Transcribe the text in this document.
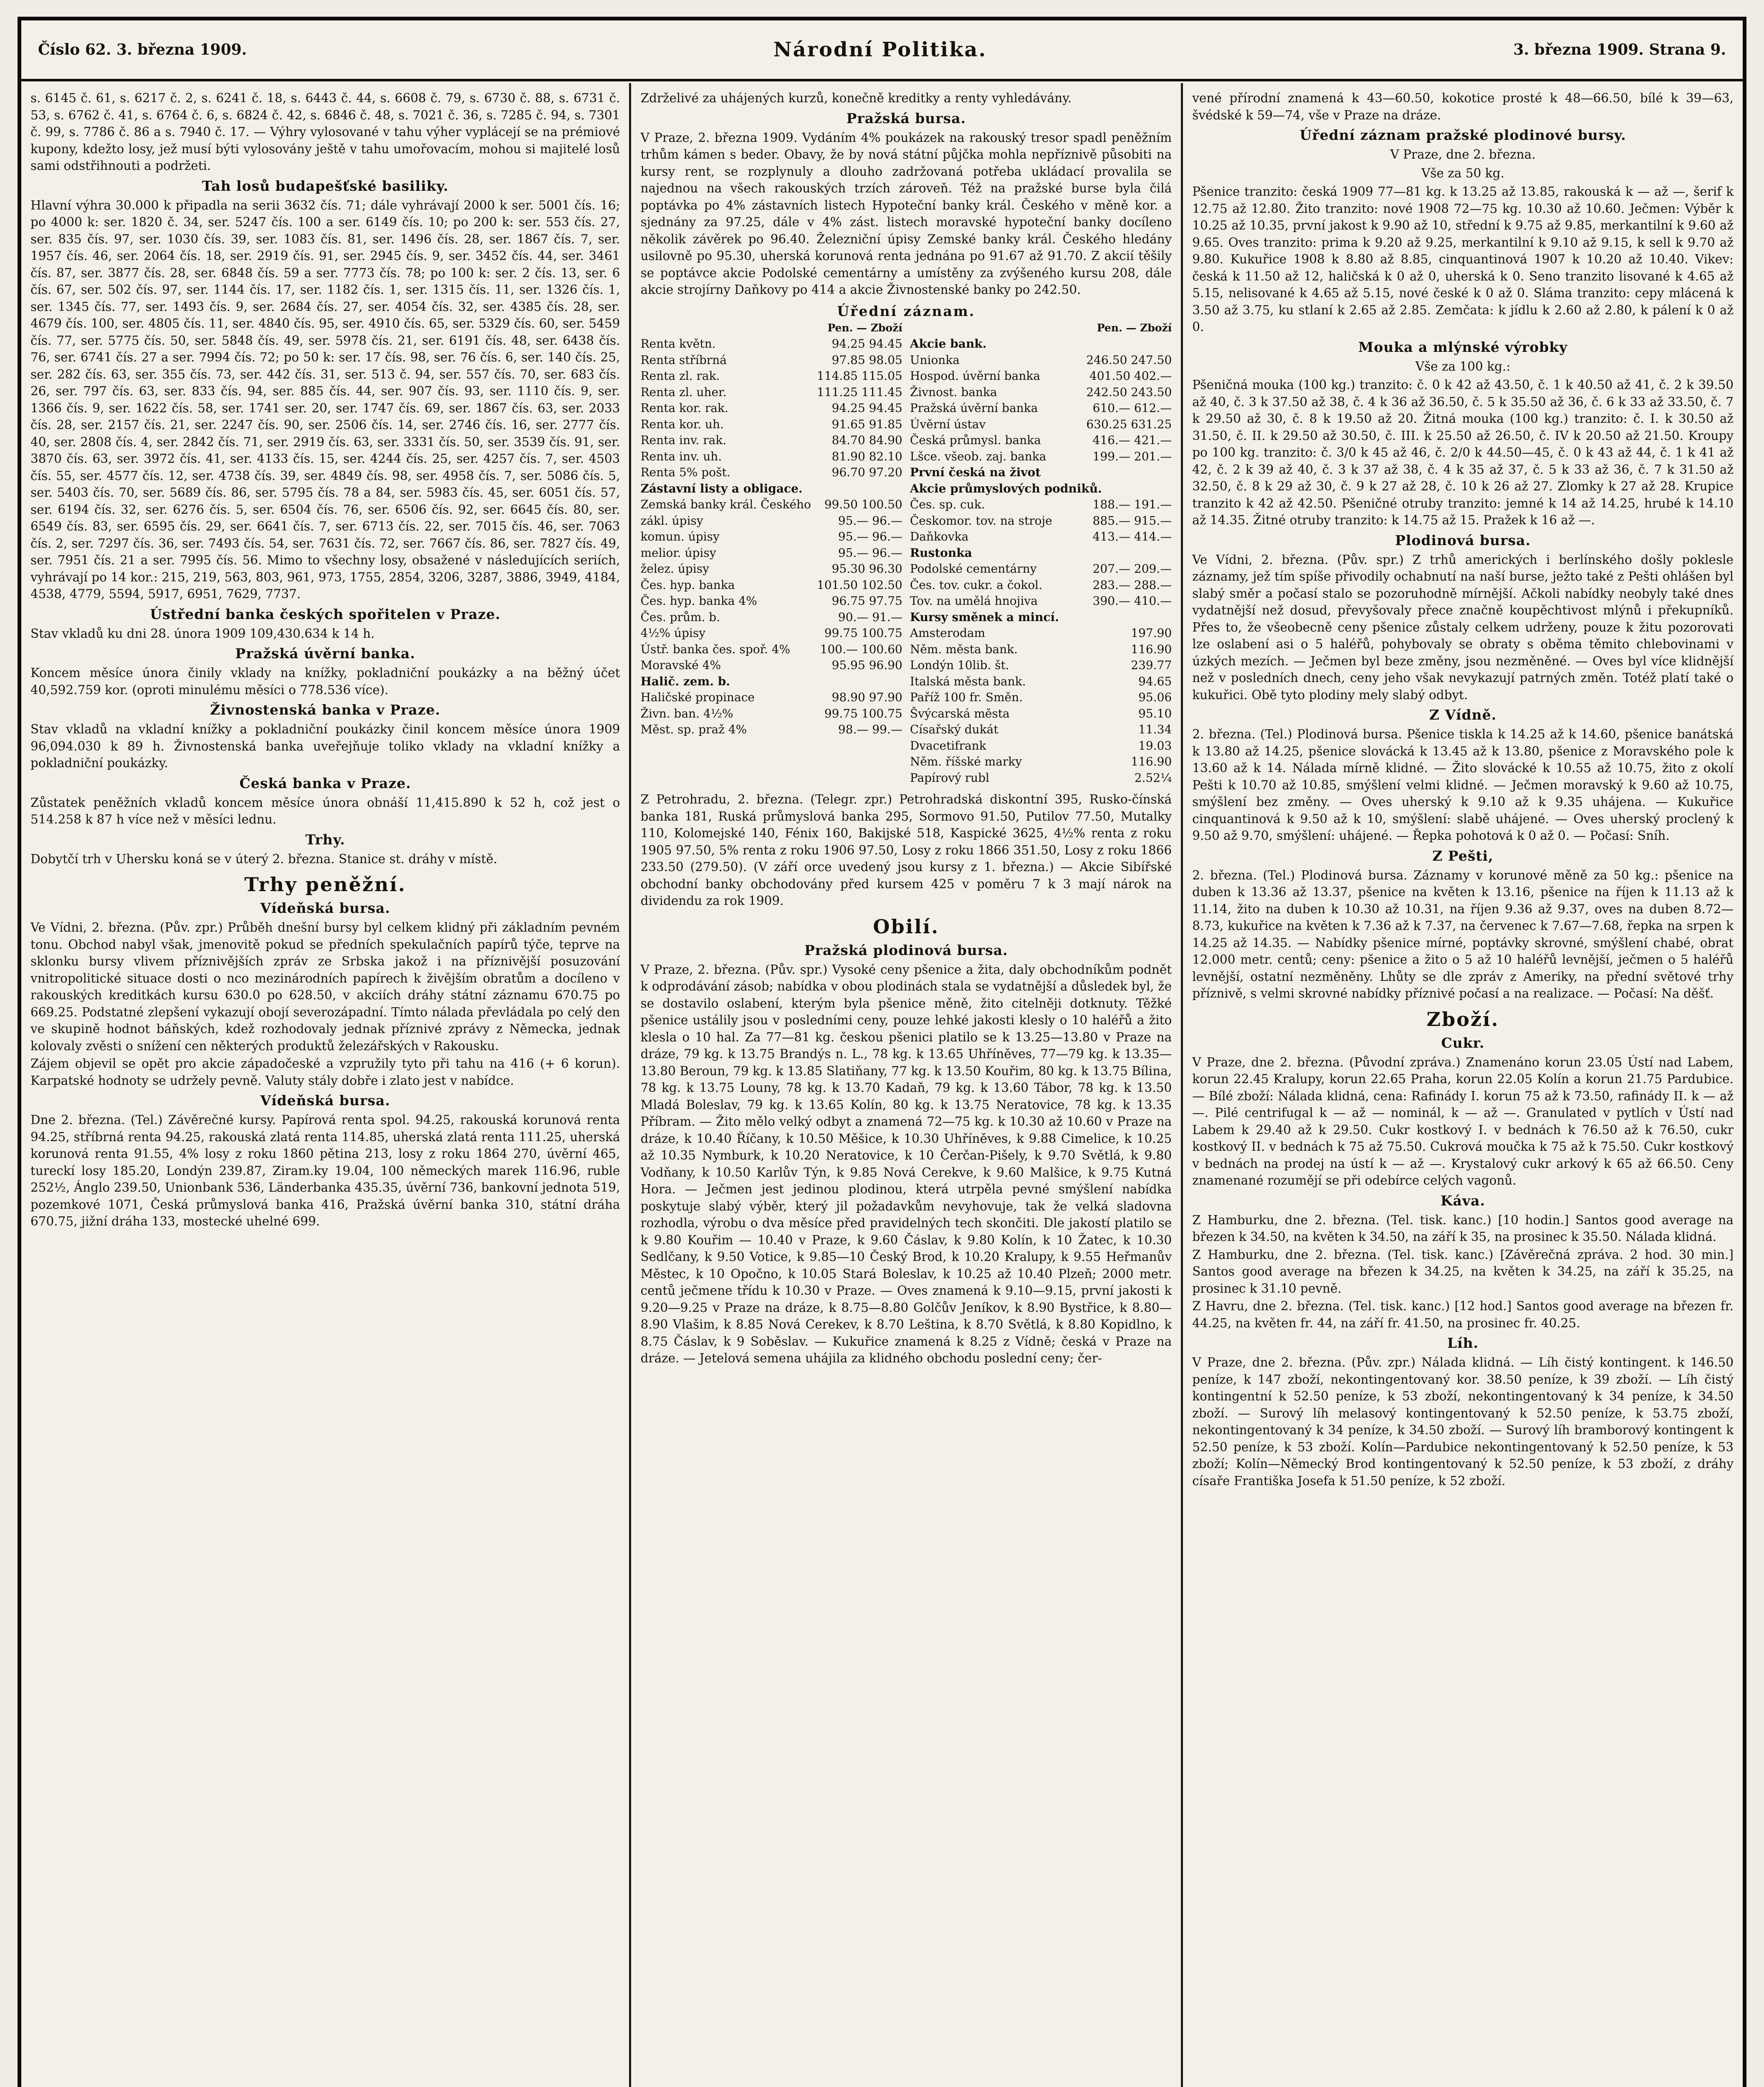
Číslo 62. 3. března 1909.	Národní Politika.	3. března 1909. Strana 9.

s. 6145 č. 61, s. 6217 č. 2, s. 6241 č. 18, s. 6443 č. 44, s. 6608 č. 79, s. 6730 č. 88, s. 6731 č. 53, s. 6762 č. 41, s. 6764 č. 6, s. 6824 č. 42, s. 6846 č. 48, s. 7021 č. 36, s. 7285 č. 94, s. 7301 č. 99, s. 7786 č. 86 a s. 7940 č. 17. — Výhry vylosované v tahu výher vyplácejí se na prémiové kupony, kdežto losy, jež musí býti vylosovány ještě v tahu umořovacím, mohou si majitelé losů sami odstřihnouti a podržeti.

Tah losů budapešťské basiliky.

Hlavní výhra 30.000 k připadla na serii 3632 čís. 71; dále vyhrávají 2000 k ser. 5001 čís. 16; po 4000 k: ser. 1820 č. 34, ser. 5247 čís. 100 a ser. 6149 čís. 10; po 200 k: ser. 553 čís. 27, ser. 835 čís. 97, ser. 1030 čís. 39, ser. 1083 čís. 81, ser. 1496 čís. 28, ser. 1867 čís. 7, ser. 1957 čís. 46, ser. 2064 čís. 18, ser. 2919 čís. 91, ser. 2945 čís. 9, ser. 3452 čís. 44, ser. 3461 čís. 87, ser. 3877 čís. 28, ser. 6848 čís. 59 a ser. 7773 čís. 78; po 100 k: ser. 2 čís. 13, ser. 6 čís. 67, ser. 502 čís. 97, ser. 1144 čís. 17, ser. 1182 čís. 1, ser. 1315 čís. 11, ser. 1326 čís. 1, ser. 1345 čís. 77, ser. 1493 čís. 9, ser. 2684 čís. 27, ser. 4054 čís. 32, ser. 4385 čís. 28, ser. 4679 čís. 100, ser. 4805 čís. 11, ser. 4840 čís. 95, ser. 4910 čís. 65, ser. 5329 čís. 60, ser. 5459 čís. 77, ser. 5775 čís. 50, ser. 5848 čís. 49, ser. 5978 čís. 21, ser. 6191 čís. 48, ser. 6438 čís. 76, ser. 6741 čís. 27 a ser. 7994 čís. 72; po 50 k: ser. 17 čís. 98, ser. 76 čís. 6, ser. 140 čís. 25, ser. 282 čís. 63, ser. 355 čís. 73, ser. 442 čís. 31, ser. 513 č. 94, ser. 557 čís. 70, ser. 683 čís. 26, ser. 797 čís. 63, ser. 833 čís. 94, ser. 885 čís. 44, ser. 907 čís. 93, ser. 1110 čís. 9, ser. 1366 čís. 9, ser. 1622 čís. 58, ser. 1741 ser. 20, ser. 1747 čís. 69, ser. 1867 čís. 63, ser. 2033 čís. 28, ser. 2157 čís. 21, ser. 2247 čís. 90, ser. 2506 čís. 14, ser. 2746 čís. 16, ser. 2777 čís. 40, ser. 2808 čís. 4, ser. 2842 čís. 71, ser. 2919 čís. 63, ser. 3331 čís. 50, ser. 3539 čís. 91, ser. 3870 čís. 63, ser. 3972 čís. 41, ser. 4133 čís. 15, ser. 4244 čís. 25, ser. 4257 čís. 7, ser. 4503 čís. 55, ser. 4577 čís. 12, ser. 4738 čís. 39, ser. 4849 čís. 98, ser. 4958 čís. 7, ser. 5086 čís. 5, ser. 5403 čís. 70, ser. 5689 čís. 86, ser. 5795 čís. 78 a 84, ser. 5983 čís. 45, ser. 6051 čís. 57, ser. 6194 čís. 32, ser. 6276 čís. 5, ser. 6504 čís. 76, ser. 6506 čís. 92, ser. 6645 čís. 80, ser. 6549 čís. 83, ser. 6595 čís. 29, ser. 6641 čís. 7, ser. 6713 čís. 22, ser. 7015 čís. 46, ser. 7063 čís. 2, ser. 7297 čís. 36, ser. 7493 čís. 54, ser. 7631 čís. 72, ser. 7667 čís. 86, ser. 7827 čís. 49, ser. 7951 čís. 21 a ser. 7995 čís. 56. Mimo to všechny losy, obsažené v následujících seriích, vyhrávají po 14 kor.: 215, 219, 563, 803, 961, 973, 1755, 2854, 3206, 3287, 3886, 3949, 4184, 4538, 4779, 5594, 5917, 6951, 7629, 7737.

Ústřední banka českých spořitelen v Praze.

Stav vkladů ku dni 28. února 1909 109,430.634 k 14 h.

Pražská úvěrní banka.

Koncem měsíce února činily vklady na knížky, pokladniční poukázky a na běžný účet 40,592.759 kor. (oproti minulému měsíci o 778.536 více).

Živnostenská banka v Praze.

Stav vkladů na vkladní knížky a pokladniční poukázky činil koncem měsíce února 1909 96,094.030 k 89 h. Živnostenská banka uveřejňuje toliko vklady na vkladní knížky a pokladniční poukázky.

Česká banka v Praze.

Zůstatek peněžních vkladů koncem měsíce února obnáší 11,415.890 k 52 h, což jest o 514.258 k 87 h více než v měsíci lednu.

Trhy.

Dobytčí trh v Uhersku koná se v úterý 2. března. Stanice st. dráhy v místě.

Trhy peněžní.
Vídeňská bursa.

Ve Vídni, 2. března. (Pův. zpr.) Průběh dnešní bursy byl celkem klidný při základním pevném tonu. Obchod nabyl však, jmenovitě pokud se předních spekulačních papírů týče, teprve na sklonku bursy vlivem příznivějších zpráv ze Srbska jakož i na příznivější posuzování vnitropolitické situace dosti o nco mezinárodních papírech k živějším obratům a docíleno v rakouských kreditkách kursu 630.0 po 628.50, v akciích dráhy státní záznamu 670.75 po 669.25. Podstatné zlepšení vykazují obojí severozápadní. Tímto nálada převládala po celý den ve skupině hodnot báňských, kdež rozhodovaly jednak příznivé zprávy z Německa, jednak kolovaly zvěsti o snížení cen některých produktů železářských v Rakousku.

Zájem objevil se opět pro akcie západočeské a vzpružily tyto při tahu na 416 (+ 6 korun). Karpatské hodnoty se udržely pevně. Valuty stály dobře i zlato jest v nabídce.

Vídeňská bursa.

Dne 2. března. (Tel.) Závěrečné kursy. Papírová renta spol. 94.25, rakouská korunová renta 94.25, stříbrná renta 94.25, rakouská zlatá renta 114.85, uherská zlatá renta 111.25, uherská korunová renta 91.55, 4% losy z roku 1860 pětina 213, losy z roku 1864 270, úvěrní 465, tureckí losy 185.20, Londýn 239.87, Ziram.ky 19.04, 100 německých marek 116.96, ruble 252½, Ánglo 239.50, Unionbank 536, Länderbanka 435.35, úvěrní 736, bankovní jednota 519, pozemkové 1071, Česká průmyslová banka 416, Pražská úvěrní banka 310, státní dráha 670.75, jižní dráha 133, mostecké uhelné 699.

Zdrželivé za uhájených kurzů, konečně kreditky a renty vyhledávány.

Pražská bursa.

V Praze, 2. března 1909. Vydáním 4% poukázek na rakouský tresor spadl peněžním trhům kámen s beder. Obavy, že by nová státní půjčka mohla nepříznivě působiti na kursy rent, se rozplynuly a dlouho zadržovaná potřeba ukládací provalila se najednou na všech rakouských trzích zároveň. Též na pražské burse byla čilá poptávka po 4% zástavních listech Hypoteční banky král. Českého v měně kor. a sjednány za 97.25, dále v 4% zást. listech moravské hypoteční banky docíleno několik závěrek po 96.40. Železniční úpisy Zemské banky král. Českého hledány usilovně po 95.30, uherská korunová renta jednána po 91.67 až 91.70. Z akcií těšily se poptávce akcie Podolské cementárny a umístěny za zvýšeného kursu 208, dále akcie strojírny Daňkovy po 414 a akcie Živnostenské banky po 242.50.

Úřední záznam.
Pen. — Zboží
Renta květn.	94.25 94.45
Renta stříbrná	97.85 98.05
Renta zl. rak.	114.85 115.05
Renta zl. uher.	111.25 111.45
Renta kor. rak.	94.25 94.45
Renta kor. uh.	91.65 91.85
Renta inv. rak.	84.70 84.90
Renta inv. uh.	81.90 82.10
Renta 5% pošt.	96.70 97.20
Zástavní listy a obligace.
Zemská banky král. Českého 99.50 100.50
zákl. úpisy	95.— 96.—
komun. úpisy	95.— 96.—
melior. úpisy	95.— 96.—
želez. úpisy	95.30 96.30
Čes. hyp. banka	101.50 102.50
Čes. hyp. banka 4%	96.75 97.75
Čes. prům. b.	90.— 91.—
4½% úpisy	99.75 100.75
Ústř. banka čes. spoř. 4%	100.— 100.60
Moravské 4%	95.95 96.90
Halič. zem. b.
Haličské propinace	98.90 97.90
Živn. ban. 4½%	99.75 100.75
Měst. sp. praž 4%	98.— 99.—
Pen. — Zboží
Akcie bank.
Unionka	246.50 247.50
Hospod. úvěrní banka	401.50 402.—
Živnost. banka	242.50 243.50
Pražská úvěrní banka	610.— 612.—
Úvěrní ústav	630.25 631.25
Česká průmysl. banka	416.— 421.—
Lšce. všeob. zaj. banka	199.— 201.—
První česká na život
Akcie průmyslových podniků.
Čes. sp. cuk.	188.— 191.—
Českomor. tov. na stroje	885.— 915.—
Daňkovka	413.— 414.—
Rustonka
Podolské cementárny	207.— 209.—
Čes. tov. cukr. a čokol.	283.— 288.—
Tov. na umělá hnojiva	390.— 410.—
Kursy směnek a mincí.
Amsterodam	197.90
Něm. města bank.	116.90
Londýn 10lib. št.	239.77
Italská města bank.	94.65
Paříž 100 fr. Směn.	95.06
Švýcarská města	95.10
Císařský dukát	11.34
Dvacetifrank	19.03
Něm. říšské marky	116.90
Papírový rubl	2.52¼

Z Petrohradu, 2. března. (Telegr. zpr.) Petrohradská diskontní 395, Rusko-čínská banka 181, Ruská průmyslová banka 295, Sormovo 91.50, Putilov 77.50, Mutalky 110, Kolomejské 140, Fénix 160, Bakijské 518, Kaspické 3625, 4½% renta z roku 1905 97.50, 5% renta z roku 1906 97.50, Losy z roku 1866 351.50, Losy z roku 1866 233.50 (279.50). (V září orce uvedený jsou kursy z 1. března.) — Akcie Sibířské obchodní banky obchodovány před kursem 425 v poměru 7 k 3 mají nárok na dividendu za rok 1909.

Obilí.
Pražská plodinová bursa.

V Praze, 2. března. (Pův. spr.) Vysoké ceny pšenice a žita, daly obchodníkům podnět k odprodávání zásob; nabídka v obou plodinách stala se vydatnější a důsledek byl, že se dostavilo oslabení, kterým byla pšenice měně, žito citelněji dotknuty. Těžké pšenice ustálily jsou v posledními ceny, pouze lehké jakosti klesly o 10 haléřů a žito klesla o 10 hal. Za 77—81 kg. českou pšenici platilo se k 13.25—13.80 v Praze na dráze, 79 kg. k 13.75 Brandýs n. L., 78 kg. k 13.65 Uhříněves, 77—79 kg. k 13.35—13.80 Beroun, 79 kg. k 13.85 Slatiňany, 77 kg. k 13.50 Kouřim, 80 kg. k 13.75 Bílina, 78 kg. k 13.75 Louny, 78 kg. k 13.70 Kadaň, 79 kg. k 13.60 Tábor, 78 kg. k 13.50 Mladá Boleslav, 79 kg. k 13.65 Kolín, 80 kg. k 13.75 Neratovice, 78 kg. k 13.35 Příbram. — Žito mělo velký odbyt a znamená 72—75 kg. k 10.30 až 10.60 v Praze na dráze, k 10.40 Říčany, k 10.50 Měšice, k 10.30 Uhříněves, k 9.88 Cimelice, k 10.25 až 10.35 Nymburk, k 10.20 Neratovice, k 10 Čerčan-Pišely, k 9.70 Světlá, k 9.80 Vodňany, k 10.50 Karlův Týn, k 9.85 Nová Cerekve, k 9.60 Malšice, k 9.75 Kutná Hora. — Ječmen jest jedinou plodinou, která utrpěla pevné smýšlení nabídka poskytuje slabý výběr, který jil požadavkům nevyhovuje, tak že velká sladovna rozhodla, výrobu o dva měsíce před pravidelných tech skončiti. Dle jakostí platilo se k 9.80 Kouřim — 10.40 v Praze, k 9.60 Čáslav, k 9.80 Kolín, k 10 Žatec, k 10.30 Sedlčany, k 9.50 Votice, k 9.85—10 Český Brod, k 10.20 Kralupy, k 9.55 Heřmanův Městec, k 10 Opočno, k 10.05 Stará Boleslav, k 10.25 až 10.40 Plzeň; 2000 metr. centů ječmene třídu k 10.30 v Praze. — Oves znamená k 9.10—9.15, první jakosti k 9.20—9.25 v Praze na dráze, k 8.75—8.80 Golčův Jeníkov, k 8.90 Bystřice, k 8.80—8.90 Vlašim, k 8.85 Nová Cerekev, k 8.70 Leština, k 8.70 Světlá, k 8.80 Kopidlno, k 8.75 Čáslav, k 9 Soběslav. — Kukuřice znamená k 8.25 z Vídně; česká v Praze na dráze. — Jetelová semena uhájila za klidného obchodu poslední ceny; čer-

vené přírodní znamená k 43—60.50, kokotice prosté k 48—66.50, bílé k 39—63, švédské k 59—74, vše v Praze na dráze.

Úřední záznam pražské plodinové bursy.
V Praze, dne 2. března.
Vše za 50 kg.

Pšenice tranzito: česká 1909 77—81 kg. k 13.25 až 13.85, rakouská k — až —, šerif k 12.75 až 12.80. Žito tranzito: nové 1908 72—75 kg. 10.30 až 10.60. Ječmen: Výběr k 10.25 až 10.35, první jakost k 9.90 až 10, střední k 9.75 až 9.85, merkantilní k 9.60 až 9.65. Oves tranzito: prima k 9.20 až 9.25, merkantilní k 9.10 až 9.15, k sell k 9.70 až 9.80. Kukuřice 1908 k 8.80 až 8.85, cinquantinová 1907 k 10.20 až 10.40. Vikev: česká k 11.50 až 12, haličská k 0 až 0, uherská k 0. Seno tranzito lisované k 4.65 až 5.15, nelisované k 4.65 až 5.15, nové české k 0 až 0. Sláma tranzito: cepy mlácená k 3.50 až 3.75, ku stlaní k 2.65 až 2.85. Zemčata: k jídlu k 2.60 až 2.80, k pálení k 0 až 0.

Mouka a mlýnské výrobky
Vše za 100 kg.:

Pšeničná mouka (100 kg.) tranzito: č. 0 k 42 až 43.50, č. 1 k 40.50 až 41, č. 2 k 39.50 až 40, č. 3 k 37.50 až 38, č. 4 k 36 až 36.50, č. 5 k 35.50 až 36, č. 6 k 33 až 33.50, č. 7 k 29.50 až 30, č. 8 k 19.50 až 20. Žitná mouka (100 kg.) tranzito: č. I. k 30.50 až 31.50, č. II. k 29.50 až 30.50, č. III. k 25.50 až 26.50, č. IV k 20.50 až 21.50. Kroupy po 100 kg. tranzito: č. 3/0 k 45 až 46, č. 2/0 k 44.50—45, č. 0 k 43 až 44, č. 1 k 41 až 42, č. 2 k 39 až 40, č. 3 k 37 až 38, č. 4 k 35 až 37, č. 5 k 33 až 36, č. 7 k 31.50 až 32.50, č. 8 k 29 až 30, č. 9 k 27 až 28, č. 10 k 26 až 27. Zlomky k 27 až 28. Krupice tranzito k 42 až 42.50. Pšeničné otruby tranzito: jemné k 14 až 14.25, hrubé k 14.10 až 14.35. Žitné otruby tranzito: k 14.75 až 15. Pražek k 16 až —.

Plodinová bursa.

Ve Vídni, 2. března. (Pův. spr.) Z trhů amerických i berlínského došly poklesle záznamy, jež tím spíše přivodily ochabnutí na naší burse, ježto také z Pešti ohlášen byl slabý směr a počasí stalo se pozoruhodně mírnější. Ačkoli nabídky neobyly také dnes vydatnější než dosud, převyšovaly přece značně koupěchtivost mlýnů i překupníků. Přes to, že všeobecně ceny pšenice zůstaly celkem udrženy, pouze k žitu pozorovati lze oslabení asi o 5 haléřů, pohybovaly se obraty s oběma těmito chlebovinami v úzkých mezích. — Ječmen byl beze změny, jsou nezměněné. — Oves byl více klidnější než v posledních dnech, ceny jeho však nevykazují patrných změn. Totéž platí také o kukuřici. Obě tyto plodiny mely slabý odbyt.

Z Vídně.

2. března. (Tel.) Plodinová bursa. Pšenice tiskla k 14.25 až k 14.60, pšenice banátská k 13.80 až 14.25, pšenice slovácká k 13.45 až k 13.80, pšenice z Moravského pole k 13.60 až k 14. Nálada mírně klidné. — Žito slovácké k 10.55 až 10.75, žito z okolí Pešti k 10.70 až 10.85, smýšlení velmi klidné. — Ječmen moravský k 9.60 až 10.75, smýšlení bez změny. — Oves uherský k 9.10 až k 9.35 uhájena. — Kukuřice cinquantinová k 9.50 až k 10, smýšlení: slabě uhájené. — Oves uherský proclený k 9.50 až 9.70, smýšlení: uhájené. — Řepka pohotová k 0 až 0. — Počasí: Sníh.

Z Pešti,

2. března. (Tel.) Plodinová bursa. Záznamy v korunové měně za 50 kg.: pšenice na duben k 13.36 až 13.37, pšenice na květen k 13.16, pšenice na říjen k 11.13 až k 11.14, žito na duben k 10.30 až 10.31, na říjen 9.36 až 9.37, oves na duben 8.72—8.73, kukuřice na květen k 7.36 až k 7.37, na červenec k 7.67—7.68, řepka na srpen k 14.25 až 14.35. — Nabídky pšenice mírné, poptávky skrovné, smýšlení chabé, obrat 12.000 metr. centů; ceny: pšenice a žito o 5 až 10 haléřů levnější, ječmen o 5 haléřů levnější, ostatní nezměněny. Lhůty se dle zpráv z Ameriky, na přední světové trhy příznivě, s velmi skrovné nabídky příznivé počasí a na realizace. — Počasí: Na děšť.

Zboží.
Cukr.

V Praze, dne 2. března. (Původní zpráva.) Znamenáno korun 23.05 Ústí nad Labem, korun 22.45 Kralupy, korun 22.65 Praha, korun 22.05 Kolín a korun 21.75 Pardubice. — Bílé zboží: Nálada klidná, cena: Rafinády I. korun 75 až k 73.50, rafinády II. k — až —. Pilé centrifugal k — až — nominál, k — až —. Granulated v pytlích v Ústí nad Labem k 29.40 až k 29.50. Cukr kostkový I. v bednách k 76.50 až k 76.50, cukr kostkový II. v bednách k 75 až 75.50. Cukrová moučka k 75 až k 75.50. Cukr kostkový v bednách na prodej na ústí k — až —. Krystalový cukr arkový k 65 až 66.50. Ceny znamenané rozumějí se při odebírce celých vagonů.

Káva.

Z Hamburku, dne 2. března. (Tel. tisk. kanc.) [10 hodin.] Santos good average na březen k 34.50, na květen k 34.50, na září k 35, na prosinec k 35.50. Nálada klidná.

Z Hamburku, dne 2. března. (Tel. tisk. kanc.) [Závěrečná zpráva. 2 hod. 30 min.] Santos good average na březen k 34.25, na květen k 34.25, na září k 35.25, na prosinec k 31.10 pevně.

Z Havru, dne 2. března. (Tel. tisk. kanc.) [12 hod.] Santos good average na březen fr. 44.25, na květen fr. 44, na září fr. 41.50, na prosinec fr. 40.25.

Líh.

V Praze, dne 2. března. (Pův. zpr.) Nálada klidná. — Líh čistý kontingent. k 146.50 peníze, k 147 zboží, nekontingentovaný kor. 38.50 peníze, k 39 zboží. — Líh čistý kontingentní k 52.50 peníze, k 53 zboží, nekontingentovaný k 34 peníze, k 34.50 zboží. — Surový líh melasový kontingentovaný k 52.50 peníze, k 53.75 zboží, nekontingentovaný k 34 peníze, k 34.50 zboží. — Surový líh bramborový kontingent k 52.50 peníze, k 53 zboží. Kolín—Pardubice nekontingentovaný k 52.50 peníze, k 53 zboží; Kolín—Německý Brod kontingentovaný k 52.50 peníze, k 53 zboží, z dráhy císaře Františka Josefa k 51.50 peníze, k 52 zboží.
